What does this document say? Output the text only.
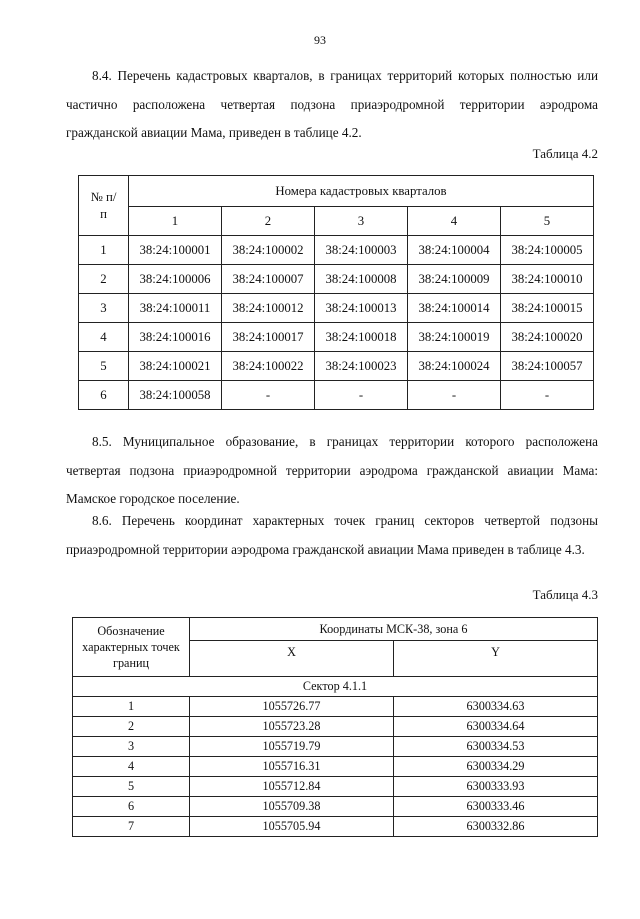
93

8.4. Перечень кадастровых кварталов, в границах территорий которых полностью или частично расположена четвертая подзона приаэродромной территории аэродрома гражданской авиации Мама, приведен в таблице 4.2.

Таблица 4.2
№ п/п	Номера кадастровых кварталов				
	1	2	3	4	5
1	38:24:100001	38:24:100002	38:24:100003	38:24:100004	38:24:100005
2	38:24:100006	38:24:100007	38:24:100008	38:24:100009	38:24:100010
3	38:24:100011	38:24:100012	38:24:100013	38:24:100014	38:24:100015
4	38:24:100016	38:24:100017	38:24:100018	38:24:100019	38:24:100020
5	38:24:100021	38:24:100022	38:24:100023	38:24:100024	38:24:100057
6	38:24:100058	-	-	-	-

8.5. Муниципальное образование, в границах территории которого расположена четвертая подзона приаэродромной территории аэродрома гражданской авиации Мама: Мамское городское поселение.

8.6. Перечень координат характерных точек границ секторов четвертой подзоны приаэродромной территории аэродрома гражданской авиации Мама приведен в таблице 4.3.

Таблица 4.3
Обозначение характерных точек границ	Координаты МСК-38, зона 6	
	X	Y
Сектор 4.1.1		
1	1055726.77	6300334.63
2	1055723.28	6300334.64
3	1055719.79	6300334.53
4	1055716.31	6300334.29
5	1055712.84	6300333.93
6	1055709.38	6300333.46
7	1055705.94	6300332.86
